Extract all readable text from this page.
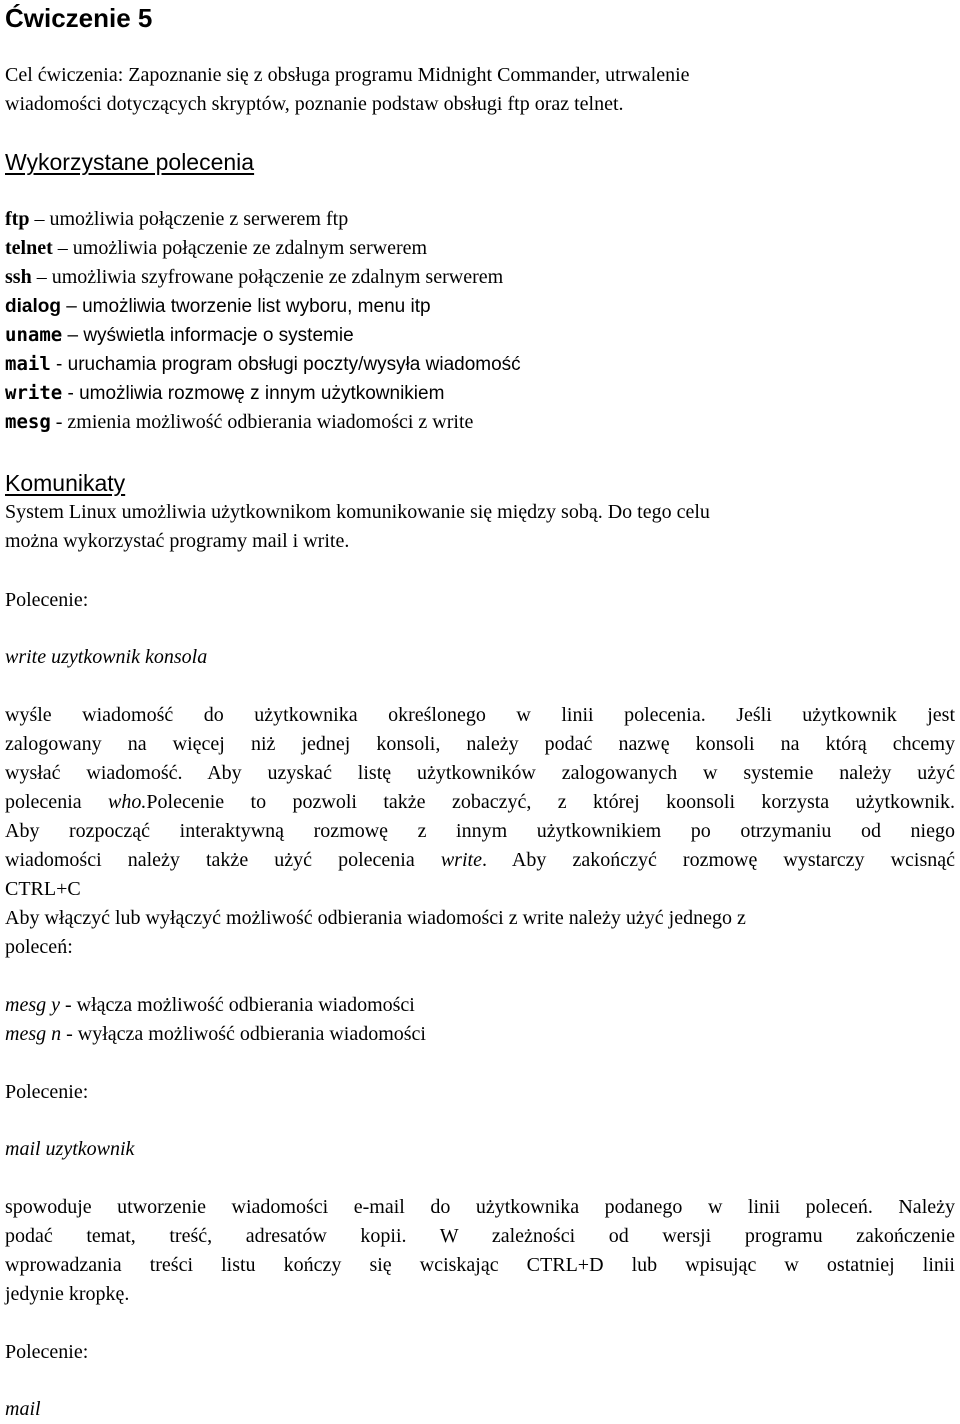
Ćwiczenie 5

Cel ćwiczenia: Zapoznanie się z obsługa programu Midnight Commander, utrwalenie
wiadomości dotyczących skryptów, poznanie podstaw obsługi ftp oraz telnet.

Wykorzystane polecenia
ftp – umożliwia połączenie z serwerem ftp
telnet – umożliwia połączenie ze zdalnym serwerem
ssh – umożliwia szyfrowane połączenie ze zdalnym serwerem
dialog – umożliwia tworzenie list wyboru, menu itp
uname – wyświetla informacje o systemie
mail - uruchamia program obsługi poczty/wysyła wiadomość
write - umożliwia rozmowę z innym użytkownikiem
mesg - zmienia możliwość odbierania wiadomości z write
Komunikaty

System Linux umożliwia użytkownikom komunikowanie się między sobą. Do tego celu
można wykorzystać programy mail i write.

Polecenie:

write uzytkownik konsola

wyśle wiadomość do użytkownika określonego w linii polecenia. Jeśli użytkownik jest
zalogowany na więcej niż jednej konsoli, należy podać nazwę konsoli na którą chcemy
wysłać wiadomość. Aby uzyskać listę użytkowników zalogowanych w systemie należy użyć
polecenia who.Polecenie to pozwoli także zobaczyć, z której koonsoli korzysta użytkownik.
Aby rozpocząć interaktywną rozmowę z innym użytkownikiem po otrzymaniu od niego
wiadomości należy także użyć polecenia write. Aby zakończyć rozmowę wystarczy wcisnąć
CTRL+C

Aby włączyć lub wyłączyć możliwość odbierania wiadomości z write należy użyć jednego z
poleceń:

mesg y - włącza możliwość odbierania wiadomości
mesg n - wyłącza możliwość odbierania wiadomości

Polecenie:

mail uzytkownik

spowoduje utworzenie wiadomości e-mail do użytkownika podanego w linii poleceń. Należy
podać temat, treść, adresatów kopii. W zależności od wersji programu zakończenie
wprowadzania treści listu kończy się wciskając CTRL+D lub wpisując w ostatniej linii
jedynie kropkę.

Polecenie:

mail
